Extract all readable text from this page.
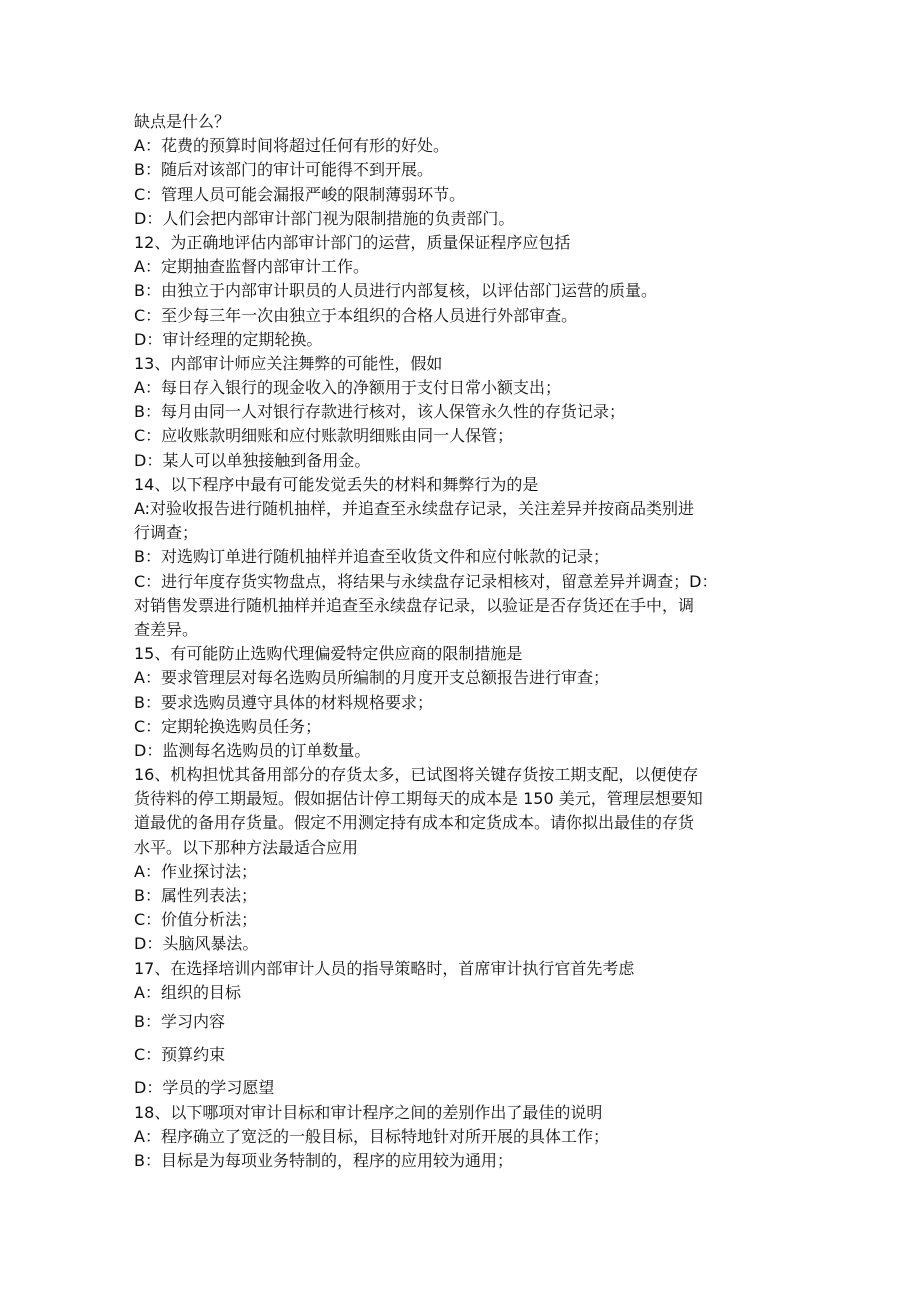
缺点是什么？
A：花费的预算时间将超过任何有形的好处。
B：随后对该部门的审计可能得不到开展。
C：管理人员可能会漏报严峻的限制薄弱环节。
D：人们会把内部审计部门视为限制措施的负责部门。
12、为正确地评估内部审计部门的运营，质量保证程序应包括
A：定期抽查监督内部审计工作。
B：由独立于内部审计职员的人员进行内部复核，以评估部门运营的质量。
C：至少每三年一次由独立于本组织的合格人员进行外部审查。
D：审计经理的定期轮换。
13、内部审计师应关注舞弊的可能性，假如
A：每日存入银行的现金收入的净额用于支付日常小额支出；
B：每月由同一人对银行存款进行核对，该人保管永久性的存货记录；
C：应收账款明细账和应付账款明细账由同一人保管；
D：某人可以单独接触到备用金。
14、以下程序中最有可能发觉丢失的材料和舞弊行为的是
A:对验收报告进行随机抽样，并追查至永续盘存记录，关注差异并按商品类别进
行调查；
B：对选购订单进行随机抽样并追查至收货文件和应付帐款的记录；
C：进行年度存货实物盘点，将结果与永续盘存记录相核对，留意差异并调查；D：
对销售发票进行随机抽样并追查至永续盘存记录，以验证是否存货还在手中，调
查差异。
15、有可能防止选购代理偏爱特定供应商的限制措施是
A：要求管理层对每名选购员所编制的月度开支总额报告进行审查；
B：要求选购员遵守具体的材料规格要求；
C：定期轮换选购员任务；
D：监测每名选购员的订单数量。
16、机构担忧其备用部分的存货太多，已试图将关键存货按工期支配，以便使存
货待料的停工期最短。假如据估计停工期每天的成本是 150 美元，管理层想要知
道最优的备用存货量。假定不用测定持有成本和定货成本。请你拟出最佳的存货
水平。以下那种方法最适合应用
A：作业探讨法；
B：属性列表法；
C：价值分析法；
D：头脑风暴法。
17、在选择培训内部审计人员的指导策略时，首席审计执行官首先考虑
A：组织的目标
B：学习内容
C：预算约束
D：学员的学习愿望
18、以下哪项对审计目标和审计程序之间的差别作出了最佳的说明
A：程序确立了宽泛的一般目标，目标特地针对所开展的具体工作；
B：目标是为每项业务特制的，程序的应用较为通用；
